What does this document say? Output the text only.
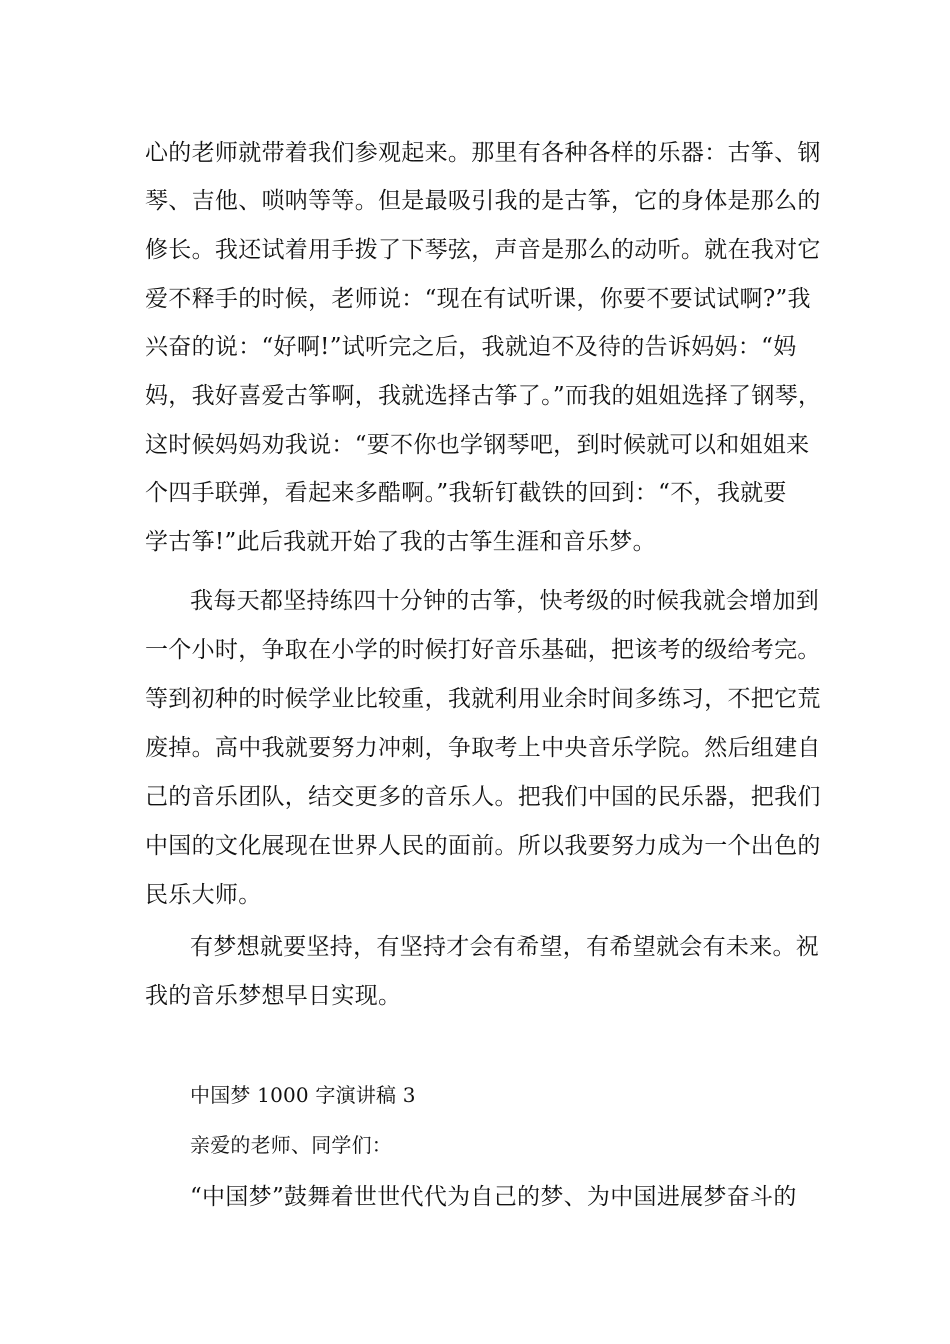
心的老师就带着我们参观起来。那里有各种各样的乐器：古筝、钢
琴、吉他、唢呐等等。但是最吸引我的是古筝，它的身体是那么的
修长。我还试着用手拨了下琴弦，声音是那么的动听。就在我对它
爱不释手的时候，老师说：“现在有试听课，你要不要试试啊?”我
兴奋的说：“好啊!”试听完之后，我就迫不及待的告诉妈妈：“妈
妈，我好喜爱古筝啊，我就选择古筝了。”而我的姐姐选择了钢琴，
这时候妈妈劝我说：“要不你也学钢琴吧，到时候就可以和姐姐来
个四手联弹，看起来多酷啊。”我斩钉截铁的回到：“不，我就要
学古筝!”此后我就开始了我的古筝生涯和音乐梦。
我每天都坚持练四十分钟的古筝，快考级的时候我就会增加到
一个小时，争取在小学的时候打好音乐基础，把该考的级给考完。
等到初种的时候学业比较重，我就利用业余时间多练习，不把它荒
废掉。高中我就要努力冲刺，争取考上中央音乐学院。然后组建自
己的音乐团队，结交更多的音乐人。把我们中国的民乐器，把我们
中国的文化展现在世界人民的面前。所以我要努力成为一个出色的
民乐大师。
有梦想就要坚持，有坚持才会有希望，有希望就会有未来。祝
我的音乐梦想早日实现。
中国梦 1000 字演讲稿 3
亲爱的老师、同学们：
“中国梦”鼓舞着世世代代为自己的梦、为中国进展梦奋斗的
